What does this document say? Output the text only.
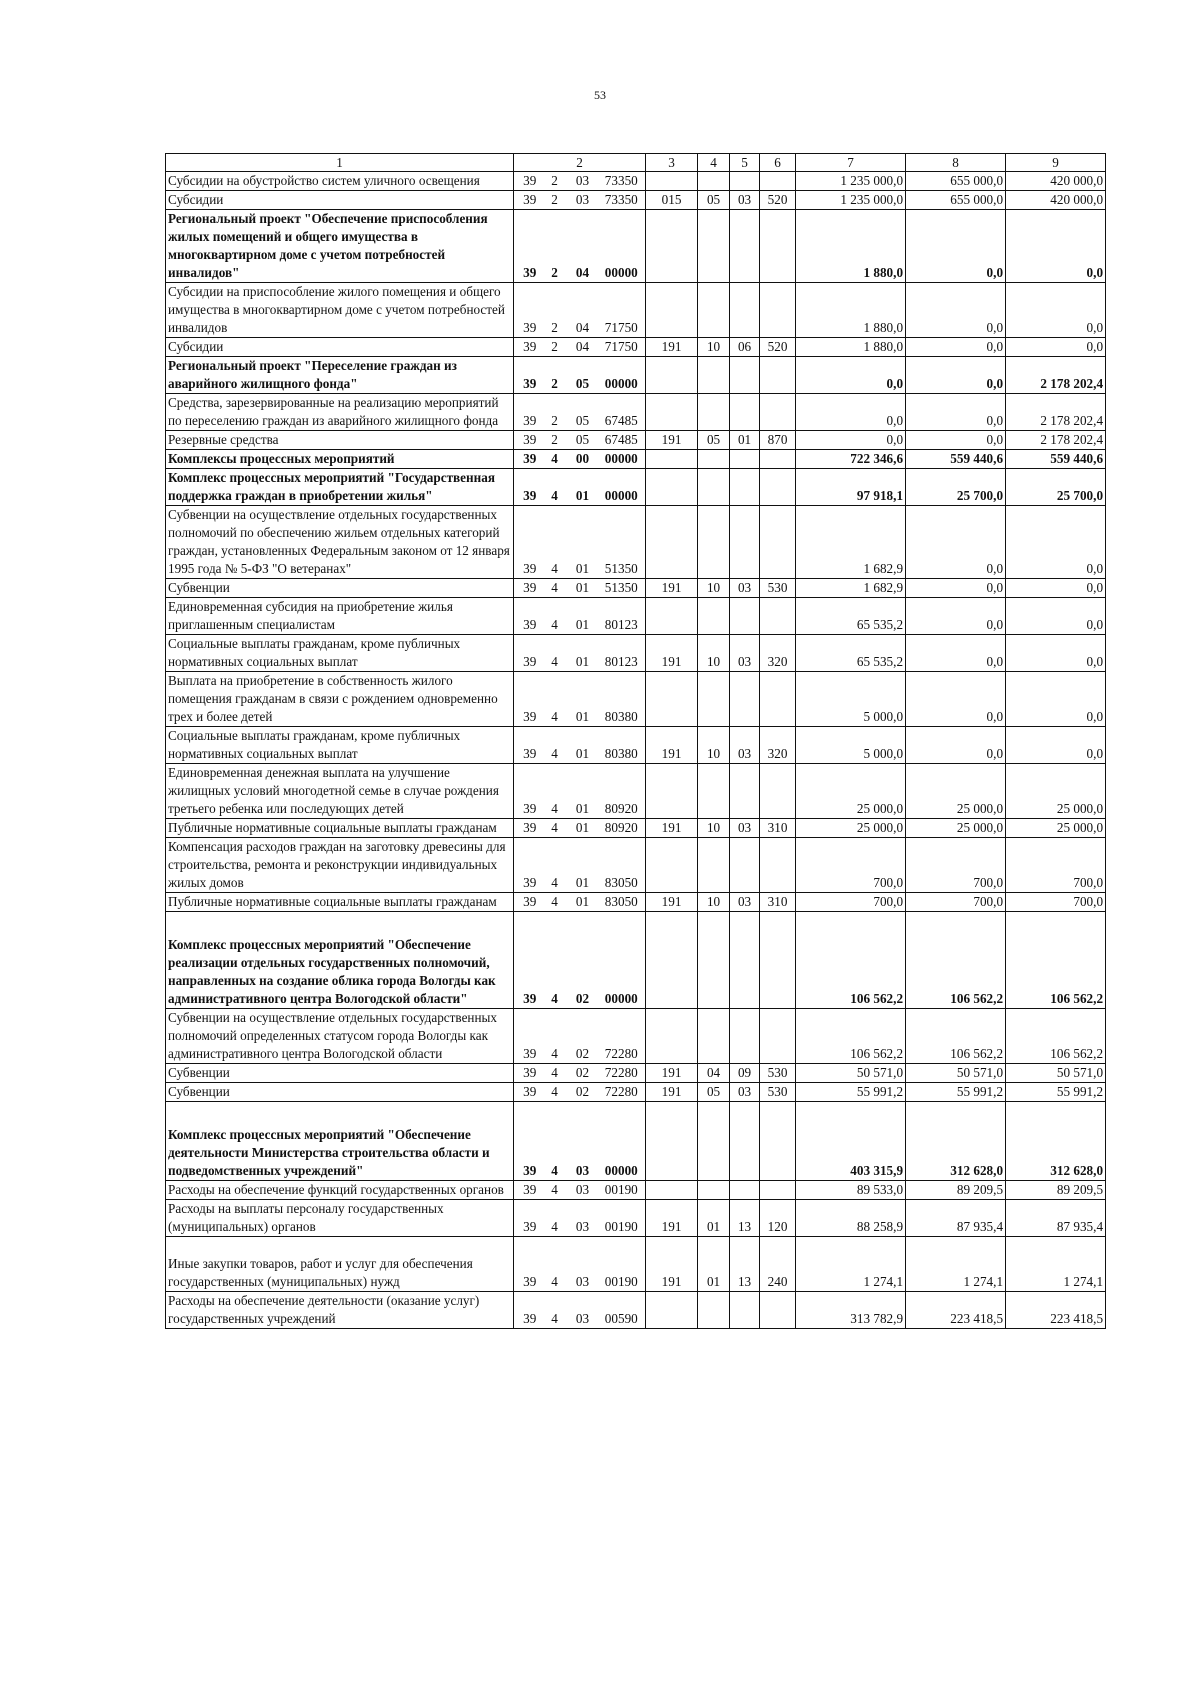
53
1	2				3	4	5	6	7	8	9
Субсидии на обустройство систем уличного освещения	39	2	03	73350					1 235 000,0	655 000,0	420 000,0
Субсидии	39	2	03	73350	015	05	03	520	1 235 000,0	655 000,0	420 000,0
Региональный проект "Обеспечение приспособления жилых помещений и общего имущества в многоквартирном доме с учетом потребностей инвалидов"	39	2	04	00000					1 880,0	0,0	0,0
Субсидии на приспособление жилого помещения и общего имущества в многоквартирном доме с учетом потребностей инвалидов	39	2	04	71750					1 880,0	0,0	0,0
Субсидии	39	2	04	71750	191	10	06	520	1 880,0	0,0	0,0
Региональный проект "Переселение граждан из аварийного жилищного фонда"	39	2	05	00000					0,0	0,0	2 178 202,4
Средства, зарезервированные на реализацию мероприятий по переселению граждан из аварийного жилищного фонда	39	2	05	67485					0,0	0,0	2 178 202,4
Резервные средства	39	2	05	67485	191	05	01	870	0,0	0,0	2 178 202,4
Комплексы процессных мероприятий	39	4	00	00000					722 346,6	559 440,6	559 440,6
Комплекс процессных мероприятий "Государственная поддержка граждан в приобретении жилья"	39	4	01	00000					97 918,1	25 700,0	25 700,0
Субвенции на осуществление отдельных государственных полномочий по обеспечению жильем отдельных категорий граждан, установленных Федеральным законом от 12 января 1995 года № 5-ФЗ "О ветеранах"	39	4	01	51350					1 682,9	0,0	0,0
Субвенции	39	4	01	51350	191	10	03	530	1 682,9	0,0	0,0
Единовременная субсидия на приобретение жилья приглашенным специалистам	39	4	01	80123					65 535,2	0,0	0,0
Социальные выплаты гражданам, кроме публичных нормативных социальных выплат	39	4	01	80123	191	10	03	320	65 535,2	0,0	0,0
Выплата на приобретение в собственность жилого помещения гражданам в связи с рождением одновременно трех и более детей	39	4	01	80380					5 000,0	0,0	0,0
Социальные выплаты гражданам, кроме публичных нормативных социальных выплат	39	4	01	80380	191	10	03	320	5 000,0	0,0	0,0
Единовременная денежная выплата на улучшение жилищных условий многодетной семье в случае рождения третьего ребенка или последующих детей	39	4	01	80920					25 000,0	25 000,0	25 000,0
Публичные нормативные социальные выплаты гражданам	39	4	01	80920	191	10	03	310	25 000,0	25 000,0	25 000,0
Компенсация расходов граждан на заготовку древесины для строительства, ремонта и реконструкции индивидуальных жилых домов	39	4	01	83050					700,0	700,0	700,0
Публичные нормативные социальные выплаты гражданам	39	4	01	83050	191	10	03	310	700,0	700,0	700,0
Комплекс процессных мероприятий "Обеспечение реализации отдельных государственных полномочий, направленных на создание облика города Вологды как административного центра Вологодской области"	39	4	02	00000					106 562,2	106 562,2	106 562,2
Субвенции на осуществление отдельных государственных полномочий определенных статусом города Вологды как административного центра Вологодской области	39	4	02	72280					106 562,2	106 562,2	106 562,2
Субвенции	39	4	02	72280	191	04	09	530	50 571,0	50 571,0	50 571,0
Субвенции	39	4	02	72280	191	05	03	530	55 991,2	55 991,2	55 991,2
Комплекс процессных мероприятий "Обеспечение деятельности Министерства строительства области и подведомственных учреждений"	39	4	03	00000					403 315,9	312 628,0	312 628,0
Расходы на обеспечение функций государственных органов	39	4	03	00190					89 533,0	89 209,5	89 209,5
Расходы на выплаты персоналу государственных (муниципальных) органов	39	4	03	00190	191	01	13	120	88 258,9	87 935,4	87 935,4
Иные закупки товаров, работ и услуг для обеспечения государственных (муниципальных) нужд	39	4	03	00190	191	01	13	240	1 274,1	1 274,1	1 274,1
Расходы на обеспечение деятельности (оказание услуг) государственных учреждений	39	4	03	00590					313 782,9	223 418,5	223 418,5
